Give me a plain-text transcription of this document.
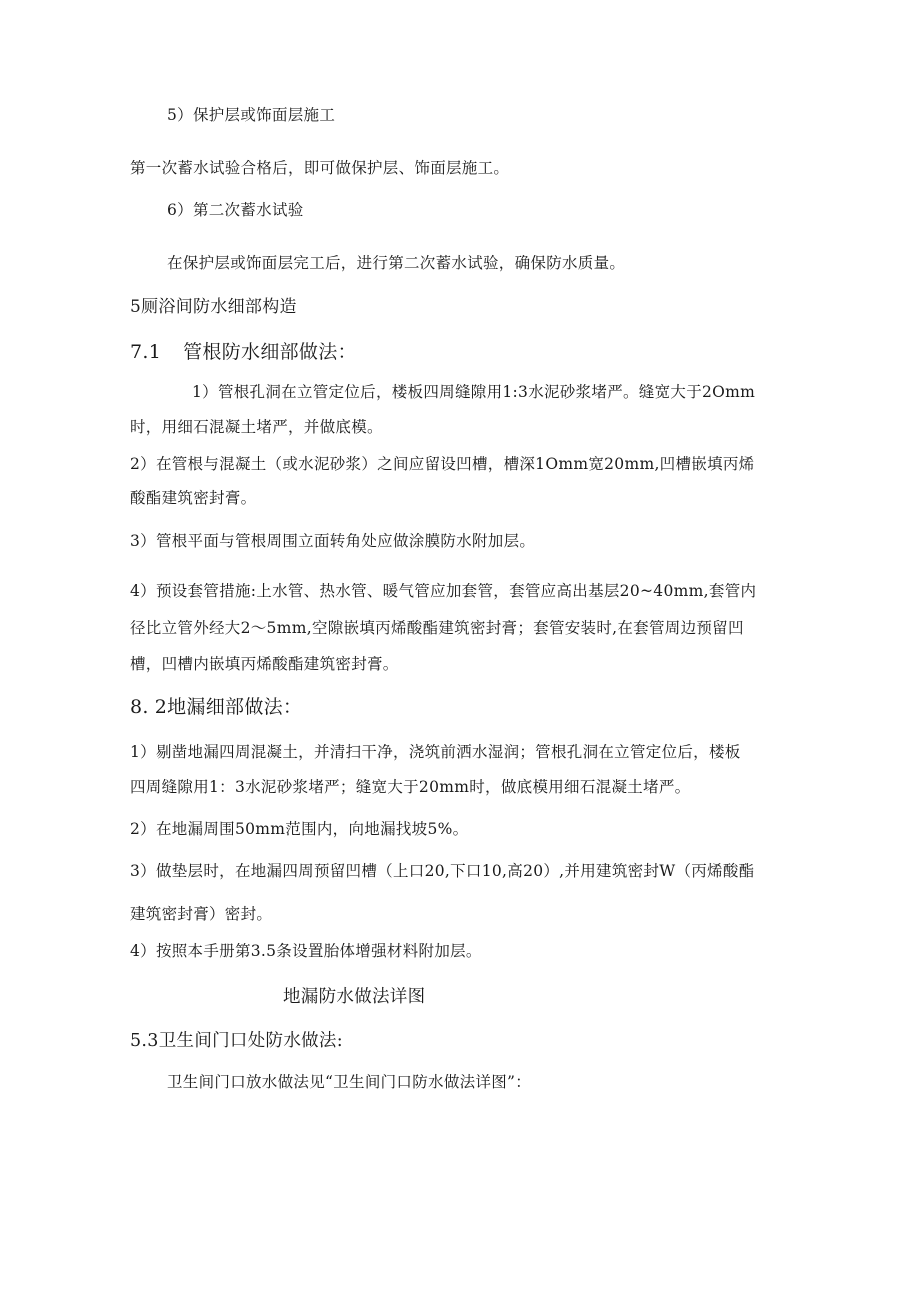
5）保护层或饰面层施工
第一次蓄水试验合格后，即可做保护层、饰面层施工。
6）第二次蓄水试验
在保护层或饰面层完工后，进行第二次蓄水试验，确保防水质量。
5厕浴间防水细部构造
7.1 管根防水细部做法：
1）管根孔洞在立管定位后，楼板四周缝隙用1:3水泥砂浆堵严。缝宽大于2Omm
时，用细石混凝土堵严，并做底模。
2）在管根与混凝土（或水泥砂浆）之间应留设凹槽，槽深1Omm宽20mm,凹槽嵌填丙烯
酸酯建筑密封膏。
3）管根平面与管根周围立面转角处应做涂膜防水附加层。
4）预设套管措施:上水管、热水管、暖气管应加套管，套管应高出基层20~40mm,套管内
径比立管外经大2～5mm,空隙嵌填丙烯酸酯建筑密封膏；套管安装时,在套管周边预留凹
槽，凹槽内嵌填丙烯酸酯建筑密封膏。
8. 2地漏细部做法：
1）剔凿地漏四周混凝土，并清扫干净，浇筑前洒水湿润；管根孔洞在立管定位后，楼板
四周缝隙用1：3水泥砂浆堵严；缝宽大于20mm时，做底模用细石混凝土堵严。
2）在地漏周围50mm范围内，向地漏找坡5%。
3）做垫层时，在地漏四周预留凹槽（上口20,下口10,高20）,并用建筑密封W（丙烯酸酯
建筑密封膏）密封。
4）按照本手册第3.5条设置胎体增强材料附加层。
地漏防水做法详图
5.3卫生间门口处防水做法:
卫生间门口放水做法见“卫生间门口防水做法详图”：
